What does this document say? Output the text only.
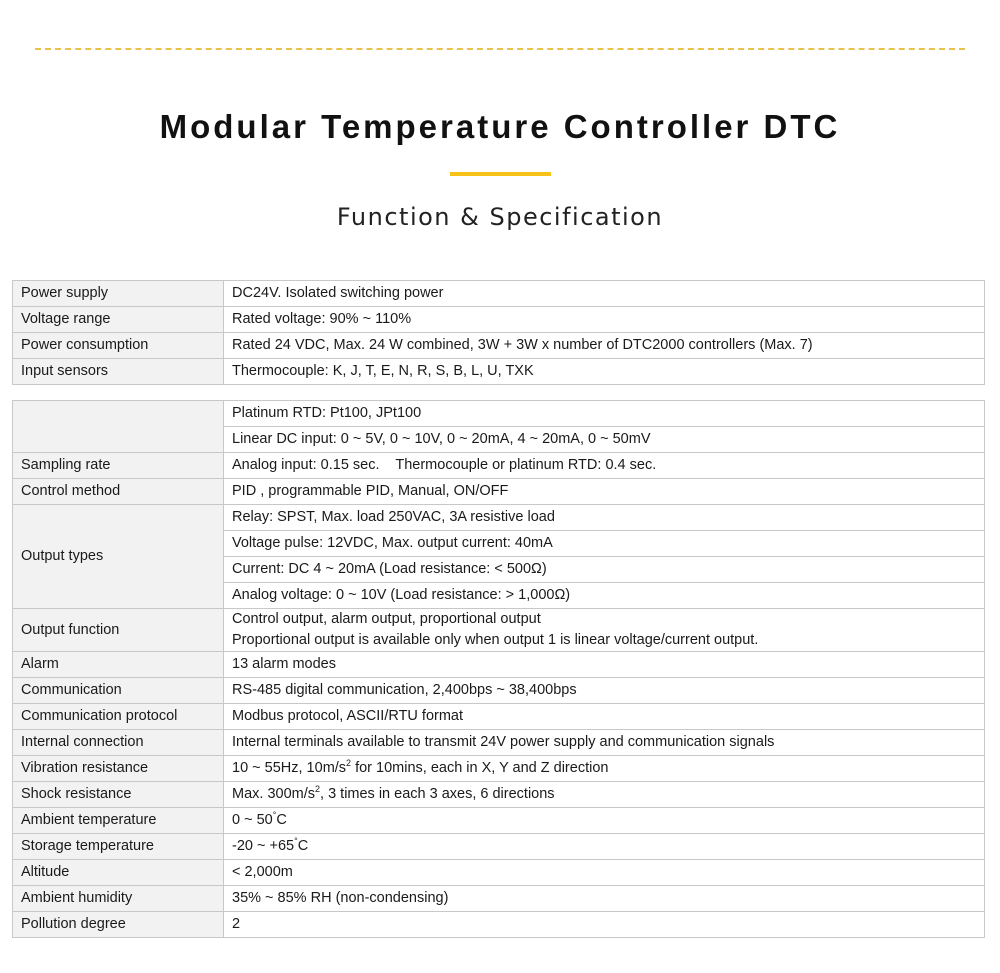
Modular Temperature Controller DTC
Function & Specification
Power supply	DC24V. Isolated switching power
Voltage range	Rated voltage: 90% ~ 110%
Power consumption	Rated 24 VDC, Max. 24 W combined, 3W + 3W x number of DTC2000 controllers (Max. 7)
Input sensors	Thermocouple: K, J, T, E, N, R, S, B, L, U, TXK
	Platinum RTD: Pt100, JPt100
	Linear DC input: 0 ~ 5V, 0 ~ 10V, 0 ~ 20mA, 4 ~ 20mA, 0 ~ 50mV
Sampling rate	Analog input: 0.15 sec.    Thermocouple or platinum RTD: 0.4 sec.
Control method	PID , programmable PID, Manual, ON/OFF
Output types	Relay: SPST, Max. load 250VAC, 3A resistive load
	Voltage pulse: 12VDC, Max. output current: 40mA
	Current: DC 4 ~ 20mA (Load resistance: < 500Ω)
	Analog voltage: 0 ~ 10V (Load resistance: > 1,000Ω)
Output function	Control output, alarm output, proportional output
Proportional output is available only when output 1 is linear voltage/current output.

Alarm	13 alarm modes
Communication	RS-485 digital communication, 2,400bps ~ 38,400bps
Communication protocol	Modbus protocol, ASCII/RTU format
Internal connection	Internal terminals available to transmit 24V power supply and communication signals
Vibration resistance	10 ~ 55Hz, $10m/s^2$ for 10mins, each in X, Y and Z direction
Shock resistance	Max. $300m/s^2$, 3 times in each 3 axes, 6 directions
Ambient temperature	0 ~ 50°C
Storage temperature	-20 ~ +65°C
Altitude	< 2,000m
Ambient humidity	35% ~ 85% RH (non-condensing)
Pollution degree	2
